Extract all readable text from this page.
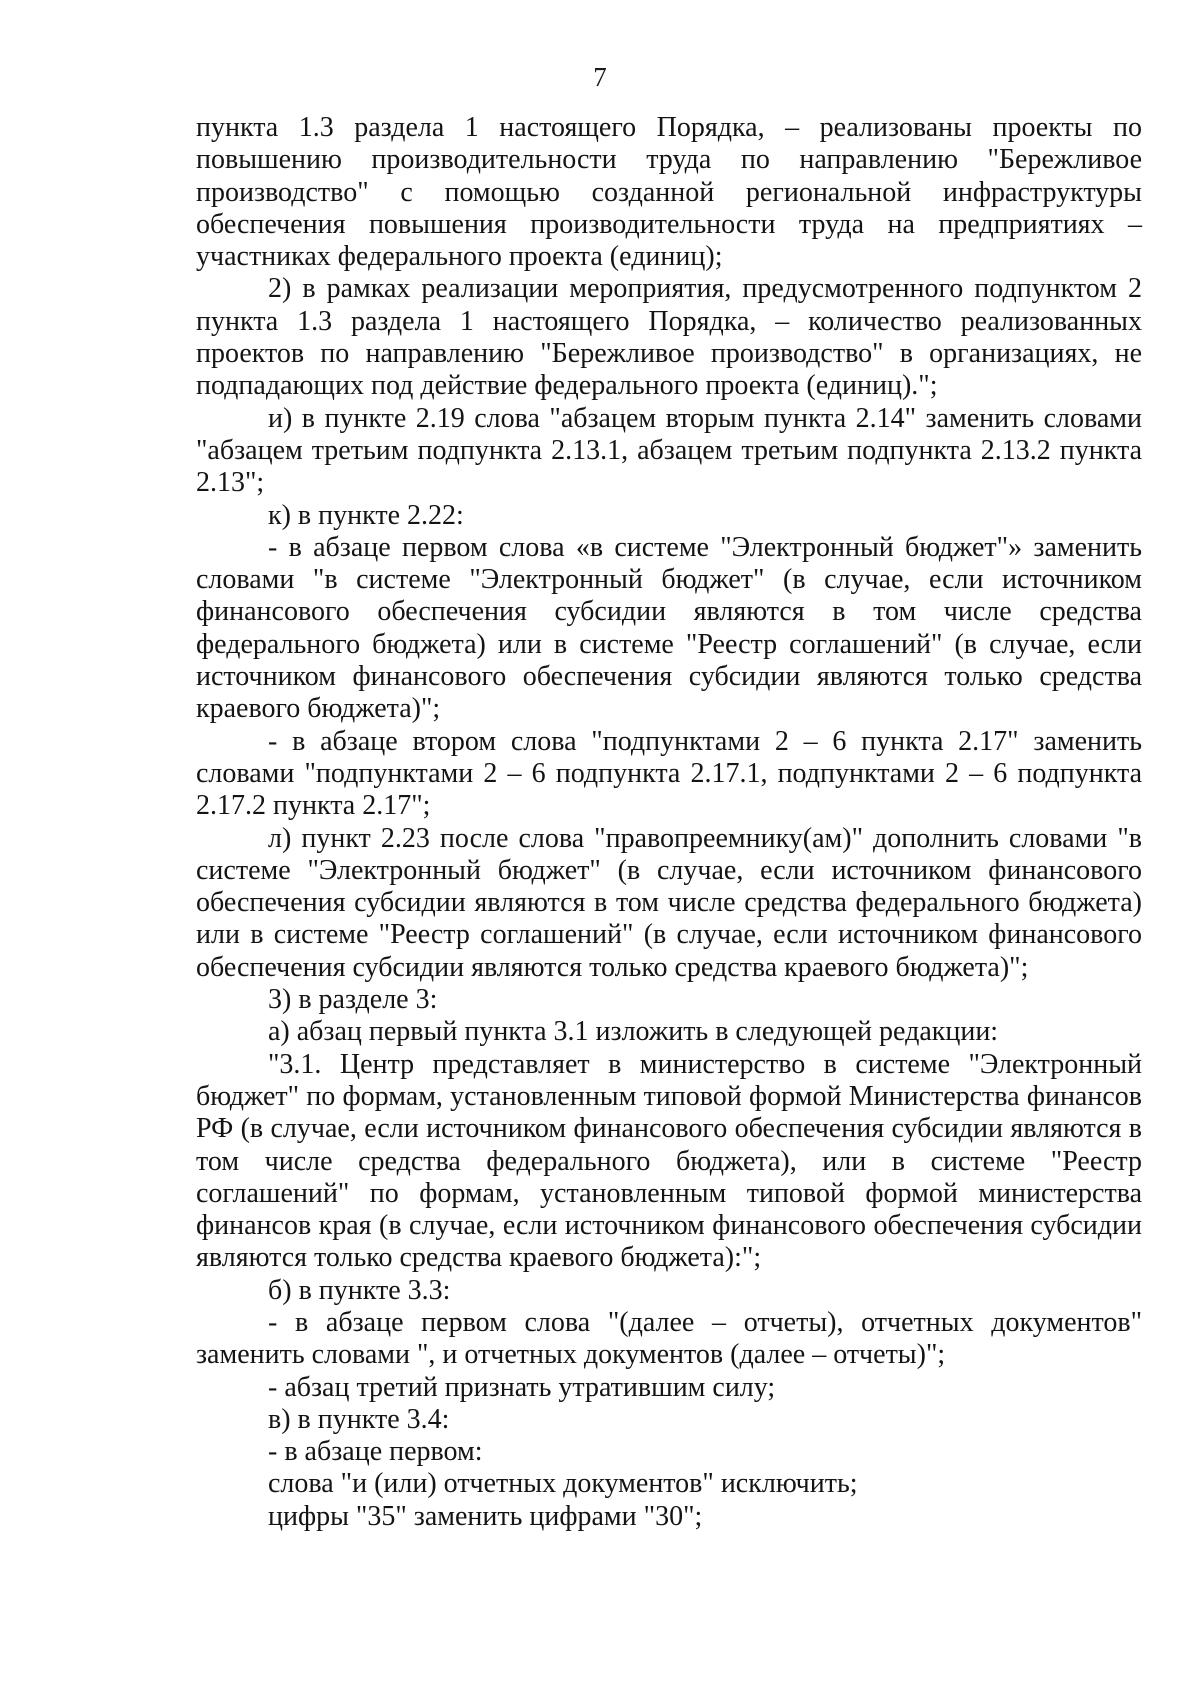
7

пункта 1.3 раздела 1 настоящего Порядка, – реализованы проекты по повышению производительности труда по направлению "Бережливое производство" с помощью созданной региональной инфраструктуры обеспечения повышения производительности труда на предприятиях – участниках федерального проекта (единиц);

2) в рамках реализации мероприятия, предусмотренного подпунктом 2 пункта 1.3 раздела 1 настоящего Порядка, – количество реализованных проектов по направлению "Бережливое производство" в организациях, не подпадающих под действие федерального проекта (единиц).";

и) в пункте 2.19 слова "абзацем вторым пункта 2.14" заменить словами "абзацем третьим подпункта 2.13.1, абзацем третьим подпункта 2.13.2 пункта 2.13";

к) в пункте 2.22:

- в абзаце первом слова «в системе "Электронный бюджет"» заменить словами "в системе "Электронный бюджет" (в случае, если источником финансового обеспечения субсидии являются в том числе средства федерального бюджета) или в системе "Реестр соглашений" (в случае, если источником финансового обеспечения субсидии являются только средства краевого бюджета)";

- в абзаце втором слова "подпунктами 2 – 6 пункта 2.17" заменить словами "подпунктами 2 – 6 подпункта 2.17.1, подпунктами 2 – 6 подпункта 2.17.2 пункта 2.17";

л) пункт 2.23 после слова "правопреемнику(ам)" дополнить словами "в системе "Электронный бюджет" (в случае, если источником финансового обеспечения субсидии являются в том числе средства федерального бюджета) или в системе "Реестр соглашений" (в случае, если источником финансового обеспечения субсидии являются только средства краевого бюджета)";

3) в разделе 3:

а) абзац первый пункта 3.1 изложить в следующей редакции:

"3.1. Центр представляет в министерство в системе "Электронный бюджет" по формам, установленным типовой формой Министерства финансов РФ (в случае, если источником финансового обеспечения субсидии являются в том числе средства федерального бюджета), или в системе "Реестр соглашений" по формам, установленным типовой формой министерства финансов края (в случае, если источником финансового обеспечения субсидии являются только средства краевого бюджета):";

б) в пункте 3.3:

- в абзаце первом слова "(далее – отчеты), отчетных документов" заменить словами ", и отчетных документов (далее – отчеты)";

- абзац третий признать утратившим силу;

в) в пункте 3.4:

- в абзаце первом:

слова "и (или) отчетных документов" исключить;

цифры "35" заменить цифрами "30";
